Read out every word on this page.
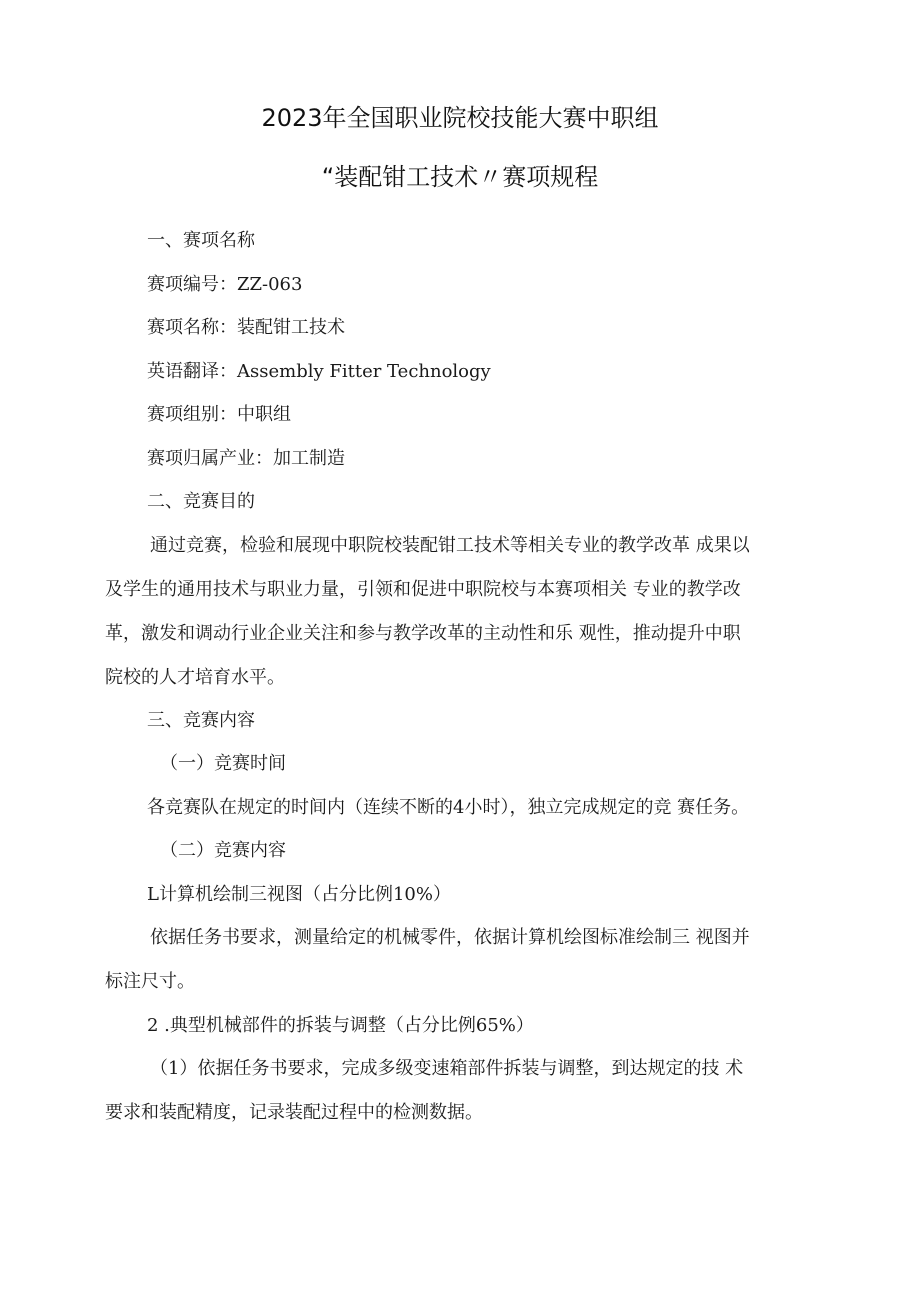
2023年全国职业院校技能大赛中职组
“装配钳工技术〃赛项规程
一、赛项名称
赛项编号：ZZ-063
赛项名称：装配钳工技术
英语翻译：Assembly Fitter Technology
赛项组别：中职组
赛项归属产业：加工制造
二、竞赛目的
通过竞赛，检验和展现中职院校装配钳工技术等相关专业的教学改革 成果以
及学生的通用技术与职业力量，引领和促进中职院校与本赛项相关 专业的教学改
革，激发和调动行业企业关注和参与教学改革的主动性和乐 观性，推动提升中职
院校的人才培育水平。
三、竞赛内容
（一）竞赛时间
各竞赛队在规定的时间内（连续不断的4小时），独立完成规定的竞 赛任务。
（二）竞赛内容
L计算机绘制三视图（占分比例10%）
依据任务书要求，测量给定的机械零件，依据计算机绘图标准绘制三 视图并
标注尺寸。
2 .典型机械部件的拆装与调整（占分比例65%）
（1）依据任务书要求，完成多级变速箱部件拆装与调整，到达规定的技 术
要求和装配精度，记录装配过程中的检测数据。
